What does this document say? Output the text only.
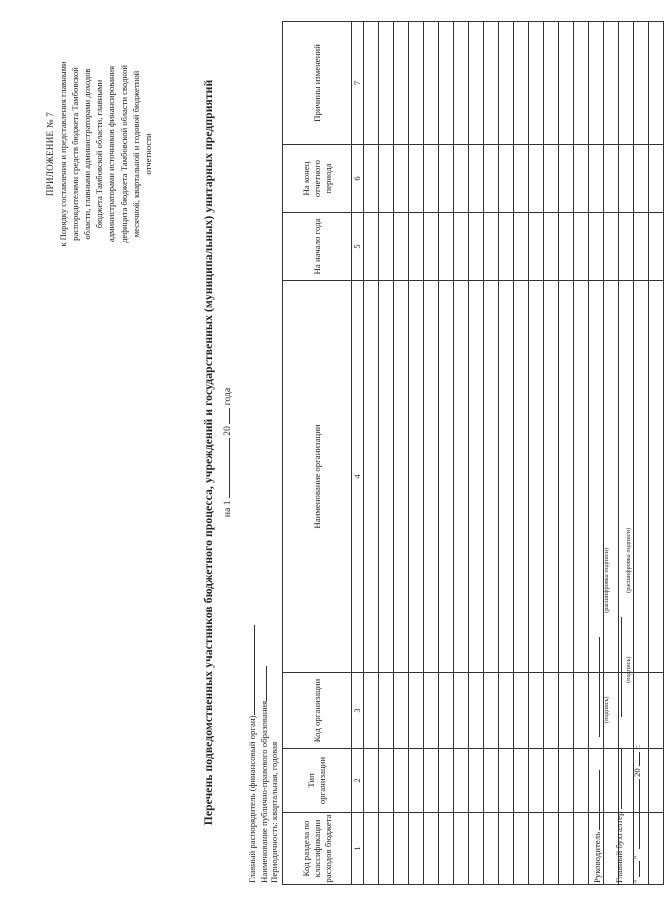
ПРИЛОЖЕНИЕ № 7 к Порядку составления и представления главными распорядителями средств бюджета Тамбовской области, главными администраторами доходов бюджета Тамбовской области, главными администраторами источников финансирования дефицита бюджета Тамбовской области сводной месячной, квартальной и годовой бюджетной отчетности	Перечень подведомственных участников бюджетного процесса, учреждений и государственных (муниципальных) унитарных предприятий на 1  20  года
Главный распорядитель (финансовый орган) Наименование публично-правового образования Периодичность: квартальная, годовая Код раздела по классификации расходов бюджета	Тип организации	Код организации	Наименование организации	На начало года	На конец отчетного периода	Причины изменений
1	2	3	4	5	6	7

Руководитель
(подпись)
(расшифровка подписи)
Главный бухгалтер
(подпись)
(расшифровка подписи)
"  "  20  г.
